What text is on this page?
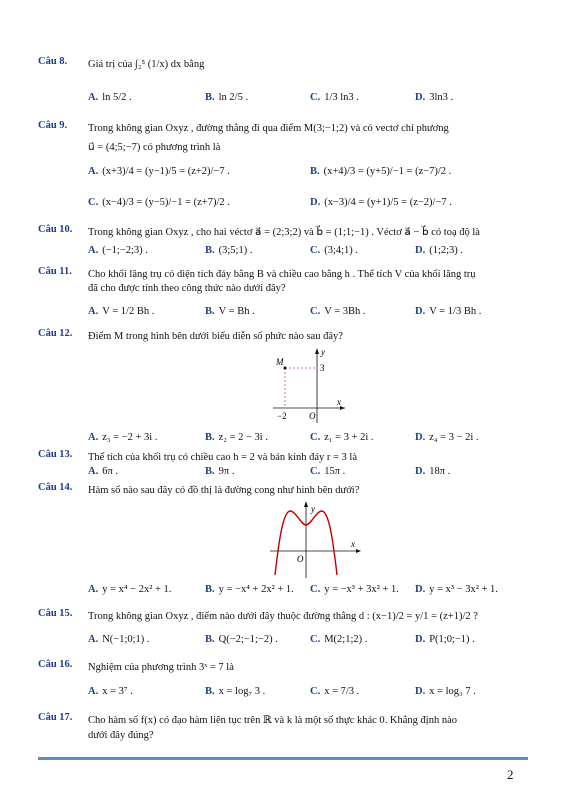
Câu 8. Giá trị của ∫₂⁵ (1/x) dx bằng
A. ln 5/2 .	B. ln 2/5 .	C. 1/3 ln3 .	D. 3ln3 .
Câu 9. Trong không gian Oxyz , đường thẳng đi qua điểm M(3;−1;2) và có vectơ chỉ phương
u⃗ = (4;5;−7) có phương trình là
A. (x+3)/4 = (y−1)/5 = (z+2)/−7 .	B. (x+4)/3 = (y+5)/−1 = (z−7)/2 .
C. (x−4)/3 = (y−5)/−1 = (z+7)/2 .	D. (x−3)/4 = (y+1)/5 = (z−2)/−7 .
Câu 10. Trong không gian Oxyz , cho hai véctơ a⃗ = (2;3;2) và b⃗ = (1;1;−1) . Véctơ a⃗ − b⃗ có toạ độ là
A. (−1;−2;3) .	B. (3;5;1) .	C. (3;4;1) .	D. (1;2;3) .
Câu 11. Cho khối lăng trụ có diện tích đáy bằng B và chiều cao bằng h . Thể tích V của khối lăng trụ
đã cho được tính theo công thức nào dưới đây?
A. V = 1/2 Bh .	B. V = Bh .	C. V = 3Bh .	D. V = 1/3 Bh .
Câu 12. Điểm M trong hình bên dưới biểu diễn số phức nào sau đây?
M
y
3
−2 O
x
A. z₃ = −2 + 3i .	B. z₂ = 2 − 3i .	C. z₁ = 3 + 2i .	D. z₄ = 3 − 2i .
Câu 13. Thể tích của khối trụ có chiều cao h = 2 và bán kính đáy r = 3 là
A. 6π .	B. 9π .	C. 15π .	D. 18π .
Câu 14. Hàm số nào sau đây có đồ thị là đường cong như hình bên dưới?
y
O
x
A. y = x⁴ − 2x² + 1.	B. y = −x⁴ + 2x² + 1. C. y = −x³ + 3x² + 1. D. y = x³ − 3x² + 1.
Câu 15. Trong không gian Oxyz , điểm nào dưới đây thuộc đường thẳng d : (x−1)/2 = y/1 = (z+1)/2 ?
A. N(−1;0;1) .	B. Q(−2;−1;−2) .	C. M(2;1;2) .	D. P(1;0;−1) .
Câu 16. Nghiệm của phương trình 3ˣ = 7 là
A. x = 3⁷ .	B. x = log₇ 3 .	C. x = 7/3 .	D. x = log₃ 7 .
Câu 17. Cho hàm số f(x) có đạo hàm liên tục trên ℝ và k là một số thực khác 0. Khẳng định nào
dưới đây đúng?
2
